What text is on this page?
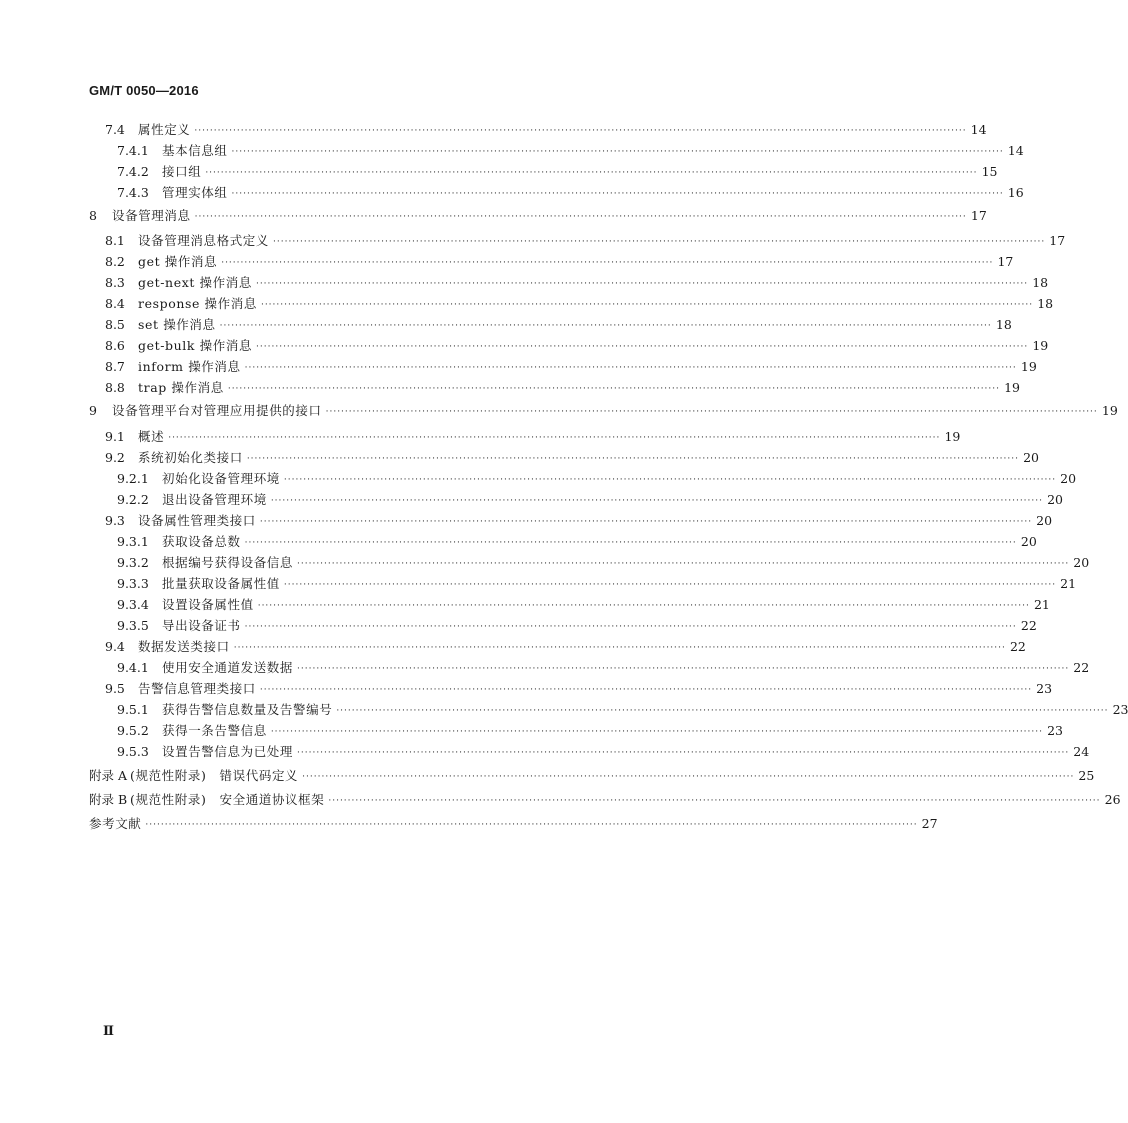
GM/T 0050—2016
7.4 属性定义 ········································································································································································································ 14
7.4.1 基本信息组 ········································································································································································································ 14
7.4.2 接口组 ········································································································································································································ 15
7.4.3 管理实体组 ········································································································································································································ 16
8 设备管理消息 ········································································································································································································ 17
8.1 设备管理消息格式定义 ········································································································································································································ 17
8.2 get 操作消息 ········································································································································································································ 17
8.3 get-next 操作消息 ········································································································································································································ 18
8.4 response 操作消息 ········································································································································································································ 18
8.5 set 操作消息 ········································································································································································································ 18
8.6 get-bulk 操作消息 ········································································································································································································ 19
8.7 inform 操作消息 ········································································································································································································ 19
8.8 trap 操作消息 ········································································································································································································ 19
9 设备管理平台对管理应用提供的接口 ········································································································································································································ 19
9.1 概述 ········································································································································································································ 19
9.2 系统初始化类接口 ········································································································································································································ 20
9.2.1 初始化设备管理环境 ········································································································································································································ 20
9.2.2 退出设备管理环境 ········································································································································································································ 20
9.3 设备属性管理类接口 ········································································································································································································ 20
9.3.1 获取设备总数 ········································································································································································································ 20
9.3.2 根据编号获得设备信息 ········································································································································································································ 20
9.3.3 批量获取设备属性值 ········································································································································································································ 21
9.3.4 设置设备属性值 ········································································································································································································ 21
9.3.5 导出设备证书 ········································································································································································································ 22
9.4 数据发送类接口 ········································································································································································································ 22
9.4.1 使用安全通道发送数据 ········································································································································································································ 22
9.5 告警信息管理类接口 ········································································································································································································ 23
9.5.1 获得告警信息数量及告警编号 ········································································································································································································ 23
9.5.2 获得一条告警信息 ········································································································································································································ 23
9.5.3 设置告警信息为已处理 ········································································································································································································ 24
附录 A (规范性附录)　错误代码定义 ········································································································································································································ 25
附录 B (规范性附录)　安全通道协议框架 ········································································································································································································ 26
参考文献 ········································································································································································································ 27
Ⅱ
